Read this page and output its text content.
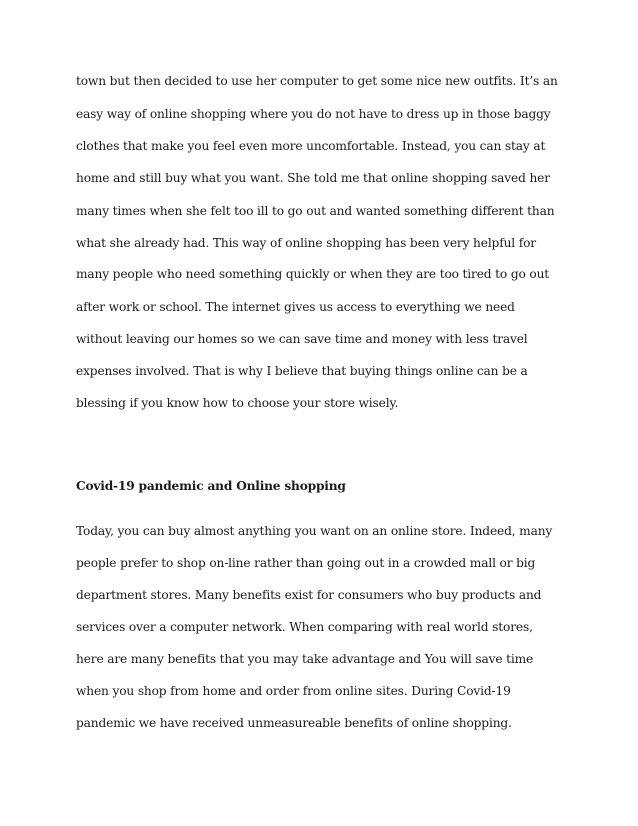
town but then decided to use her computer to get some nice new outfits. It’s an
easy way of online shopping where you do not have to dress up in those baggy
clothes that make you feel even more uncomfortable. Instead, you can stay at
home and still buy what you want. She told me that online shopping saved her
many times when she felt too ill to go out and wanted something different than
what she already had. This way of online shopping has been very helpful for
many people who need something quickly or when they are too tired to go out
after work or school. The internet gives us access to everything we need
without leaving our homes so we can save time and money with less travel
expenses involved. That is why I believe that buying things online can be a
blessing if you know how to choose your store wisely.
Covid-19 pandemic and Online shopping
Today, you can buy almost anything you want on an online store. Indeed, many
people prefer to shop on-line rather than going out in a crowded mall or big
department stores. Many benefits exist for consumers who buy products and
services over a computer network. When comparing with real world stores,
here are many benefits that you may take advantage and You will save time
when you shop from home and order from online sites. During Covid-19
pandemic we have received unmeasureable benefits of online shopping.
